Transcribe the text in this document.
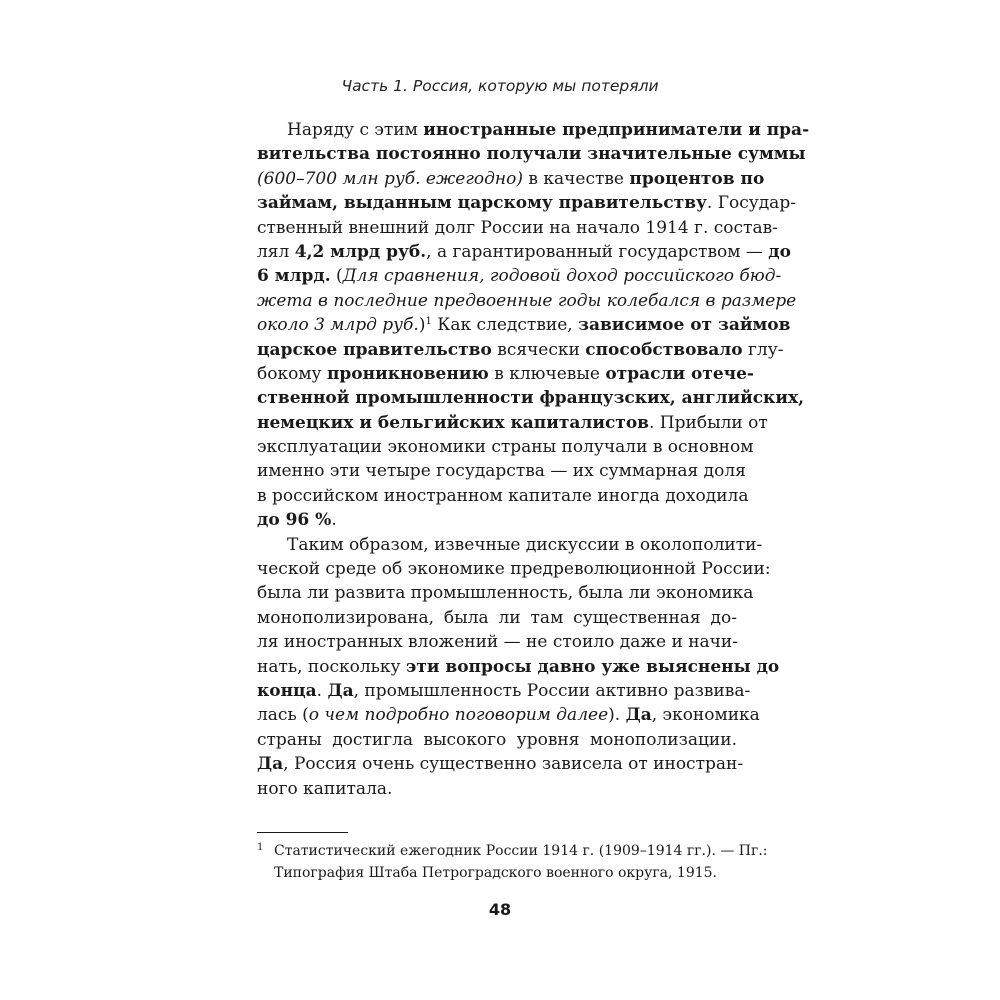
Часть 1. Россия, которую мы потеряли
Наряду с этим иностранные предприниматели и пра-
вительства постоянно получали значительные суммы
(600–700 млн руб. ежегодно) в качестве процентов по
займам, выданным царскому правительству. Государ-
ственный внешний долг России на начало 1914 г. состав-
лял 4,2 млрд руб., а гарантированный государством — до
6 млрд. (Для сравнения, годовой доход российского бюд-
жета в последние предвоенные годы колебался в размере
около 3 млрд руб.)$^1$ Как следствие, зависимое от займов
царское правительство всячески способствовало глу-
бокому проникновению в ключевые отрасли отече-
ственной промышленности французских, английских,
немецких и бельгийских капиталистов. Прибыли от
эксплуатации экономики страны получали в основном
именно эти четыре государства — их суммарная доля
в российском иностранном капитале иногда доходила
до 96 %.
Таким образом, извечные дискуссии в околополити-
ческой среде об экономике предреволюционной России:
была ли развита промышленность, была ли экономика
монополизирована, была ли там существенная до-
ля иностранных вложений — не стоило даже и начи-
нать, поскольку эти вопросы давно уже выяснены до
конца. Да, промышленность России активно развива-
лась (о чем подробно поговорим далее). Да, экономика
страны достигла высокого уровня монополизации.
Да, Россия очень существенно зависела от иностран-
ного капитала.
$^1$ Статистический ежегодник России 1914 г. (1909–1914 гг.). — Пг.:
Типография Штаба Петроградского военного округа, 1915.
48
